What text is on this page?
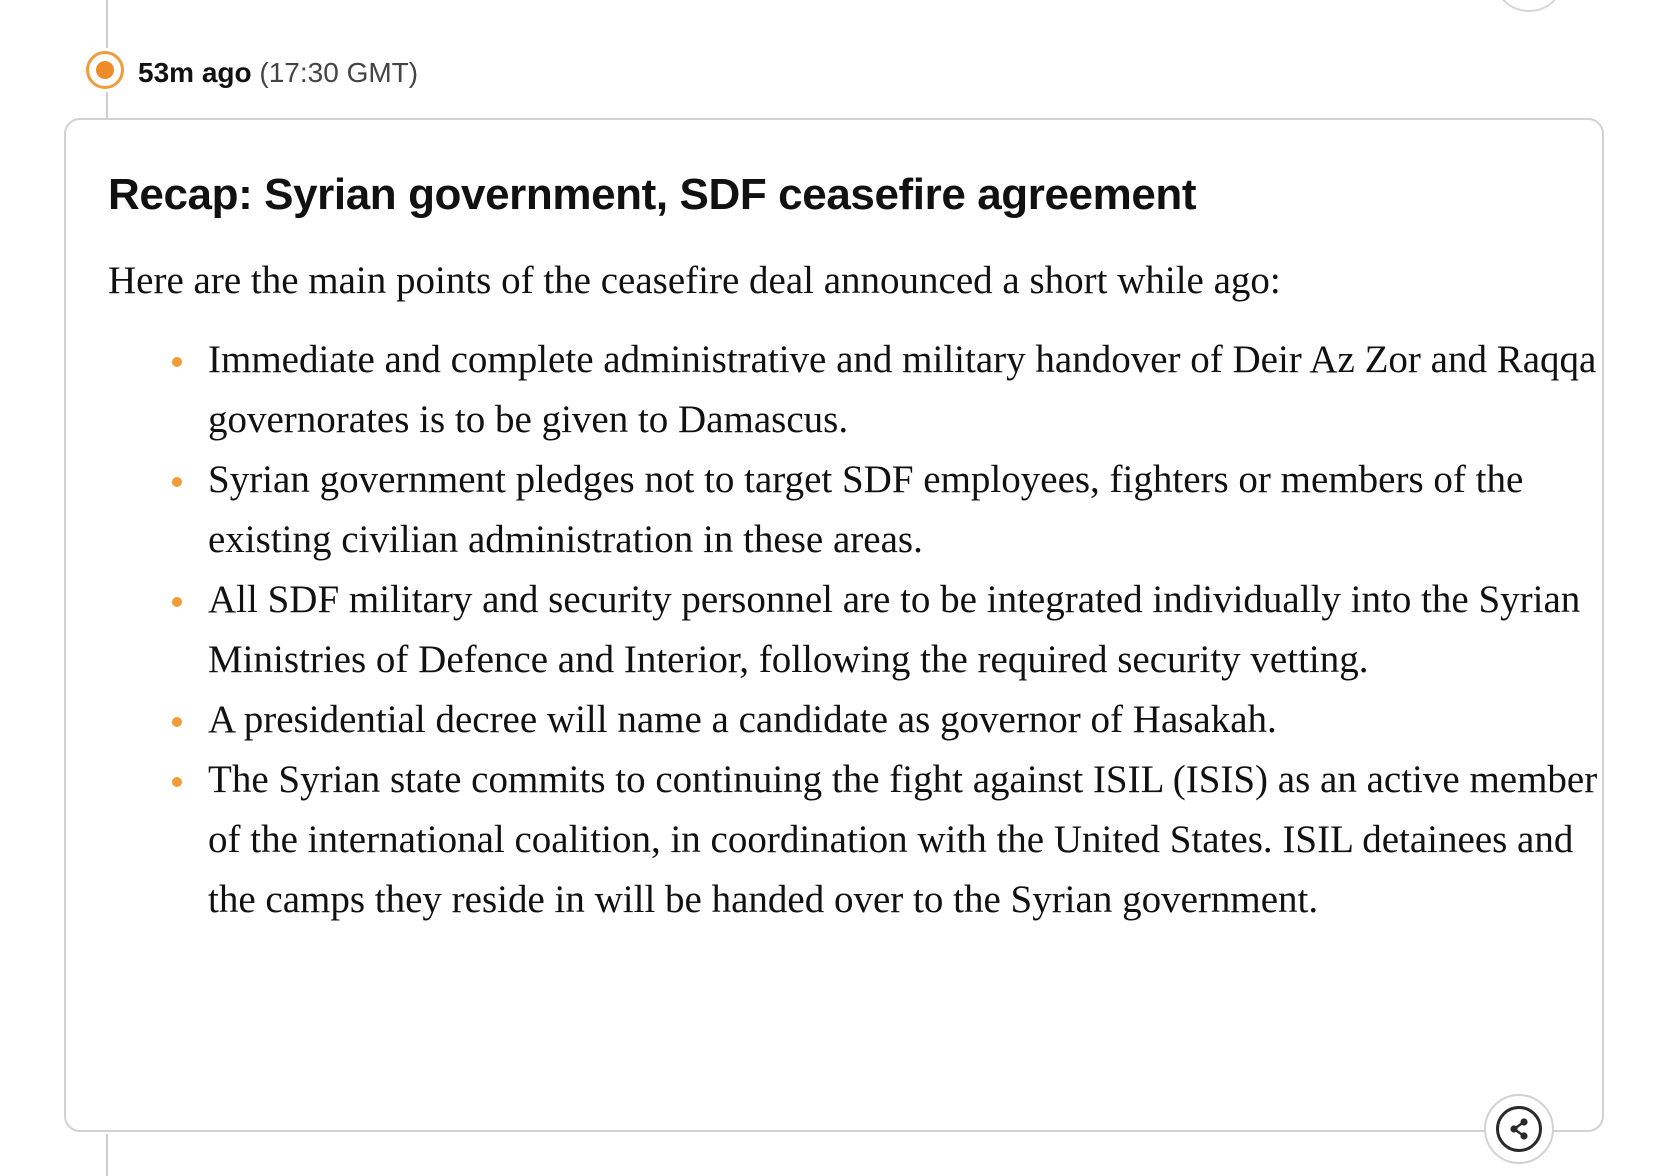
53m ago (17:30 GMT)
Recap: Syrian government, SDF ceasefire agreement

Here are the main points of the ceasefire deal announced a short while ago:

Immediate and complete administrative and military handover of Deir Az Zor and Raqqa governorates is to be given to Damascus.
Syrian government pledges not to target SDF employees, fighters or members of the existing civilian administration in these areas.
All SDF military and security personnel are to be integrated individually into the Syrian Ministries of Defence and Interior, following the required security vetting.
A presidential decree will name a candidate as governor of Hasakah.
The Syrian state commits to continuing the fight against ISIL (ISIS) as an active member of the international coalition, in coordination with the United States. ISIL detainees and the camps they reside in will be handed over to the Syrian government.
